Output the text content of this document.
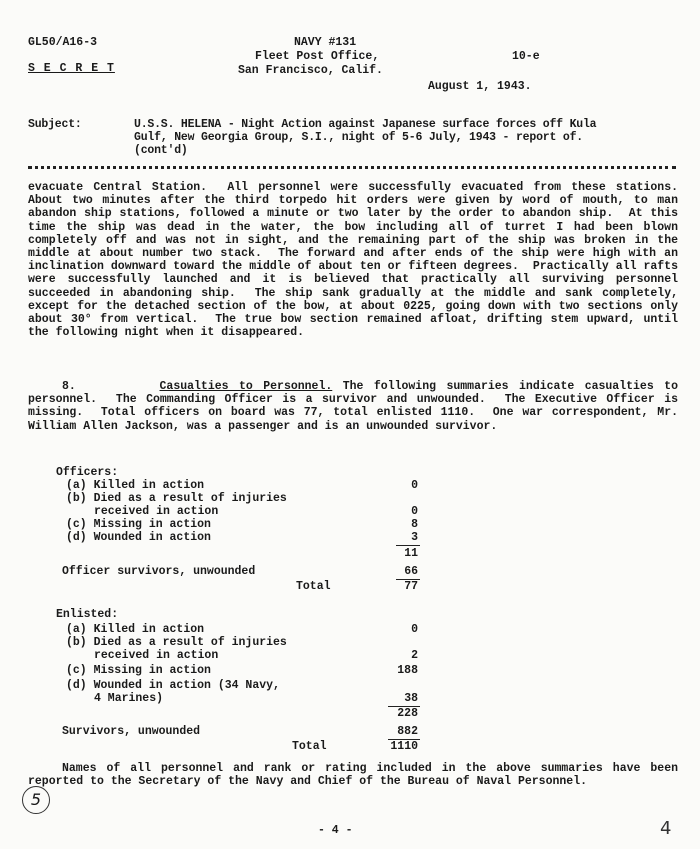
GL50/A16-3
S E C R E T
NAVY #131
Fleet Post Office,
San Francisco, Calif.
10-e
August 1, 1943.
Subject:	U.S.S. HELENA - Night Action against Japanese surface forces off Kula
Gulf, New Georgia Group, S.I., night of 5-6 July, 1943 - report of.
(cont'd)
evacuate Central Station.  All personnel were successfully evacuated from these stations.  About two minutes after the third torpedo hit orders were given by word of mouth, to man abandon ship stations, followed a minute or two later by the order to abandon ship.  At this time the ship was dead in the water, the bow including all of turret I had been blown completely off and was not in sight, and the remaining part of the ship was broken in the middle at about number two stack.  The forward and after ends of the ship were high with an inclination downward toward the middle of about ten or fifteen degrees.  Practically all rafts were successfully launched and it is believed that practically all surviving personnel succeeded in abandoning ship.  The ship sank gradually at the middle and sank completely, except for the detached section of the bow, at about 0225, going down with two sections only about 30° from vertical.  The true bow section remained afloat, drifting stem upward, until the following night when it disappeared.
8.	Casualties to Personnel. The following summaries indicate casualties to personnel.  The Commanding Officer is a survivor and unwounded.  The Executive Officer is missing.  Total officers on board was 77, total enlisted 1110.  One war correspondent, Mr. William Allen Jackson, was a passenger and is an unwounded survivor.
Officers:
(a) Killed in action	0
(b) Died as a result of injuries
received in action	0
(c) Missing in action	8
(d) Wounded in action	3
11
Officer survivors, unwounded	66
Total	77
Enlisted:
(a) Killed in action	0
(b) Died as a result of injuries
received in action	2
(c) Missing in action	188
(d) Wounded in action (34 Navy,
4 Marines)	38
228
Survivors, unwounded	882
Total	1110
Names of all personnel and rank or rating included in the above summaries have been reported to the Secretary of the Navy and Chief of the Bureau of Naval Personnel.
5
- 4 -	4
